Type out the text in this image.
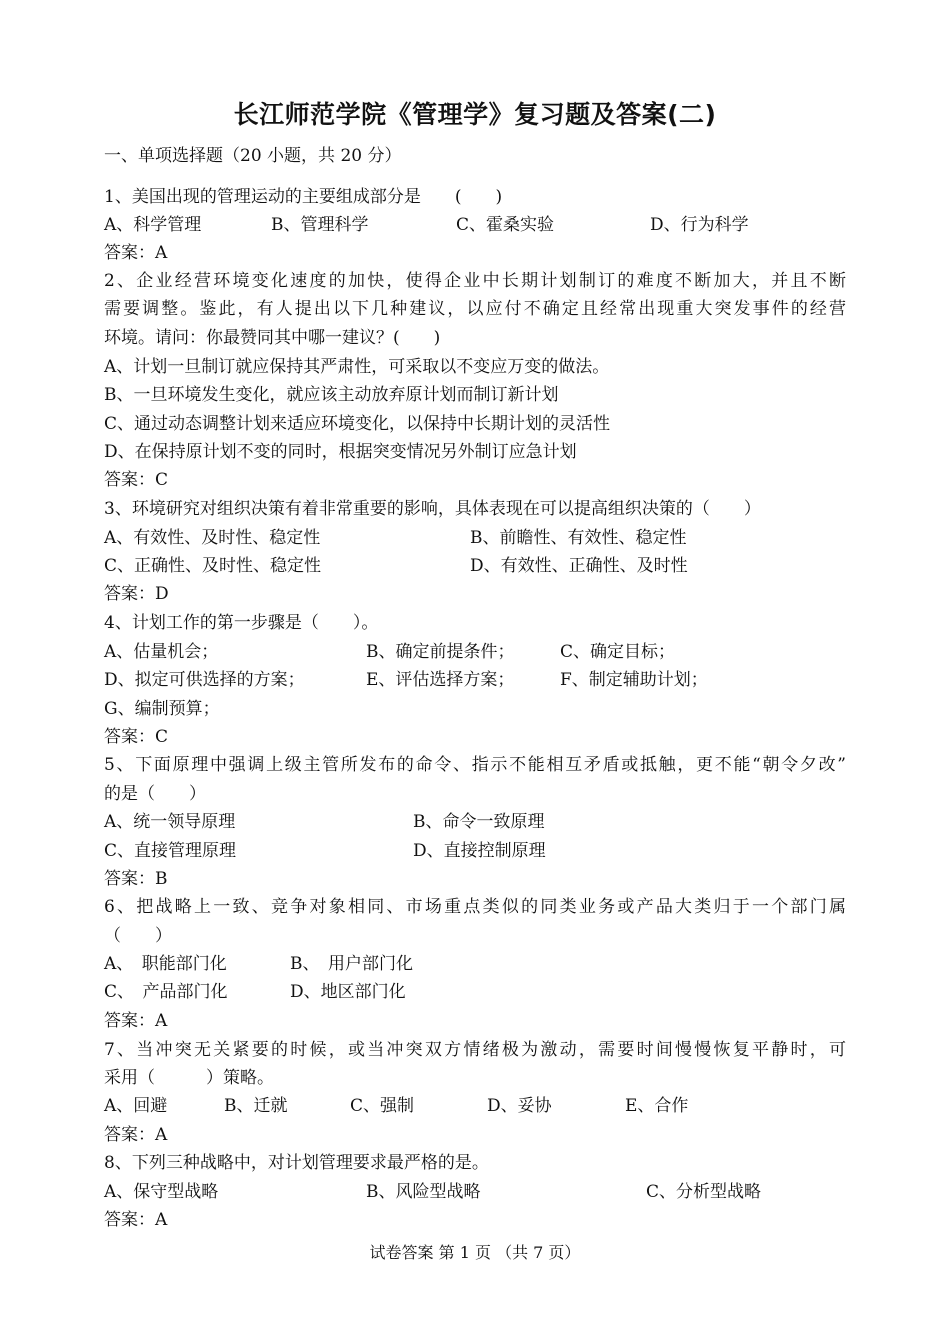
长江师范学院《管理学》复习题及答案(二)
一、单项选择题（20 小题，共 20 分）
1、美国出现的管理运动的主要组成部分是　　(　　)
A、科学管理	B、管理科学	C、霍桑实验	D、行为科学
答案：A
2、企业经营环境变化速度的加快，使得企业中长期计划制订的难度不断加大，并且不断
需要调整。鉴此，有人提出以下几种建议，以应付不确定且经常出现重大突发事件的经营
环境。请问：你最赞同其中哪一建议？(　　)
A、计划一旦制订就应保持其严肃性，可采取以不变应万变的做法。
B、一旦环境发生变化，就应该主动放弃原计划而制订新计划
C、通过动态调整计划来适应环境变化，以保持中长期计划的灵活性
D、在保持原计划不变的同时，根据突变情况另外制订应急计划
答案：C
3、环境研究对组织决策有着非常重要的影响，具体表现在可以提高组织决策的（　　）
A、有效性、及时性、稳定性	B、前瞻性、有效性、稳定性
C、正确性、及时性、稳定性	D、有效性、正确性、及时性
答案：D
4、计划工作的第一步骤是（　　）。
A、估量机会；	B、确定前提条件；	C、确定目标；
D、拟定可供选择的方案；	E、评估选择方案；	F、制定辅助计划；
G、编制预算；
答案：C
5、下面原理中强调上级主管所发布的命令、指示不能相互矛盾或抵触，更不能“朝令夕改”
的是（　　）
A、统一领导原理	B、命令一致原理
C、直接管理原理	D、直接控制原理
答案：B
6、把战略上一致、竞争对象相同、市场重点类似的同类业务或产品大类归于一个部门属
（　　）
A、　职能部门化	B、　用户部门化
C、　产品部门化	D、地区部门化
答案：A
7、当冲突无关紧要的时候，或当冲突双方情绪极为激动，需要时间慢慢恢复平静时，可
采用（　　　）策略。
A、回避	B、迁就	C、强制	D、妥协	E、合作
答案：A
8、下列三种战略中，对计划管理要求最严格的是。
A、保守型战略	B、风险型战略	C、分析型战略
答案：A
试卷答案 第 1 页 （共 7 页）
